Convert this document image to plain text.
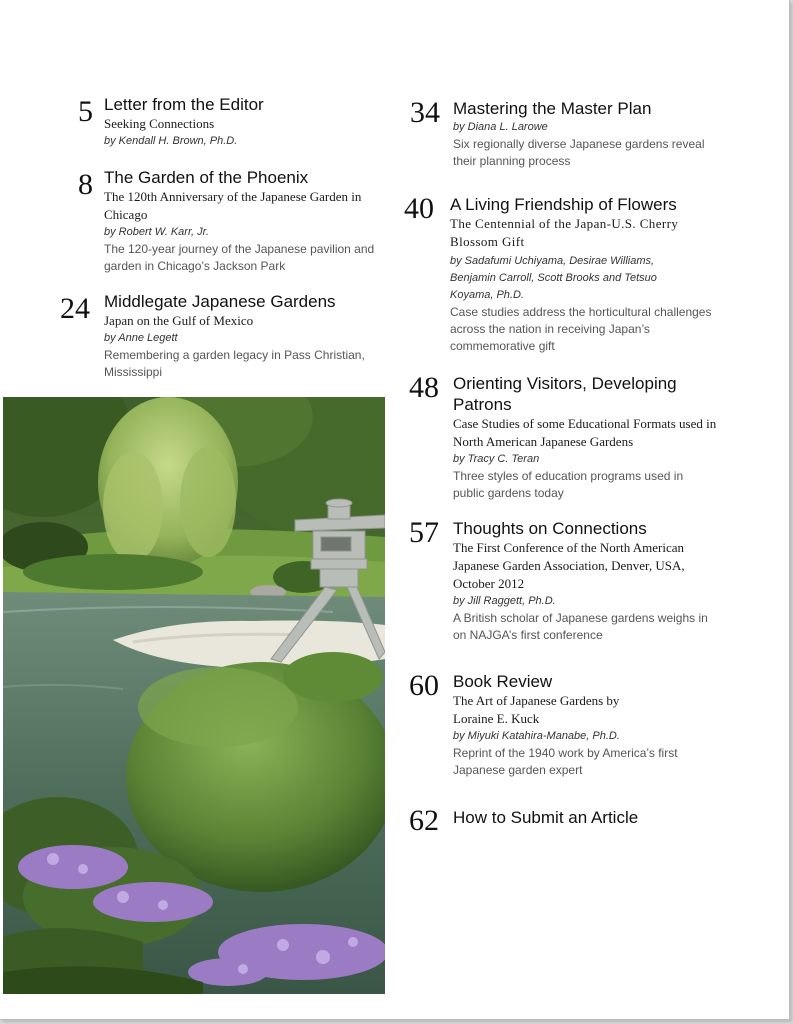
5 Letter from the Editor
Seeking Connections
by Kendall H. Brown, Ph.D.
8 The Garden of the Phoenix
The 120th Anniversary of the Japanese Garden in Chicago
by Robert W. Karr, Jr.
The 120-year journey of the Japanese pavilion and garden in Chicago’s Jackson Park
24 Middlegate Japanese Gardens
Japan on the Gulf of Mexico
by Anne Legett
Remembering a garden legacy in Pass Christian, Mississippi
34 Mastering the Master Plan
by Diana L. Larowe
Six regionally diverse Japanese gardens reveal their planning process
40 A Living Friendship of Flowers
The Centennial of the Japan-U.S. Cherry Blossom Gift
by Sadafumi Uchiyama, Desirae Williams, Benjamin Carroll, Scott Brooks and Tetsuo Koyama, Ph.D.
Case studies address the horticultural challenges across the nation in receiving Japan’s commemorative gift
48 Orienting Visitors, Developing Patrons
Case Studies of some Educational Formats used in North American Japanese Gardens
by Tracy C. Teran
Three styles of education programs used in public gardens today
57 Thoughts on Connections
The First Conference of the North American Japanese Garden Association, Denver, USA, October 2012
by Jill Raggett, Ph.D.
A British scholar of Japanese gardens weighs in on NAJGA’s first conference
60 Book Review
The Art of Japanese Gardens by Loraine E. Kuck
by Miyuki Katahira-Manabe, Ph.D.
Reprint of the 1940 work by America’s first Japanese garden expert
62 How to Submit an Article
